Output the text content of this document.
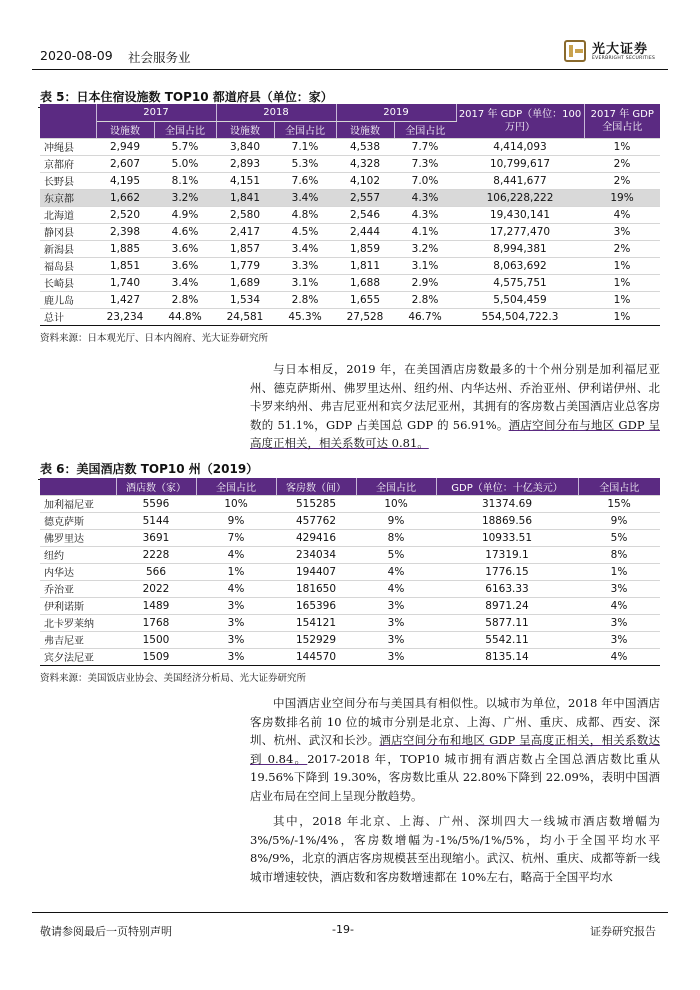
2020-08-09 社会服务业
光大证券
EVERBRIGHT SECURITIES
表 5：日本住宿设施数 TOP10 都道府县（单位：家）
	2017		2018		2019		2017 年 GDP（单位：100 万円）	2017 年 GDP 全国占比
	设施数	全国占比	设施数	全国占比	设施数	全国占比		
冲绳县	2,949	5.7%	3,840	7.1%	4,538	7.7%	4,414,093	1%
京都府	2,607	5.0%	2,893	5.3%	4,328	7.3%	10,799,617	2%
长野县	4,195	8.1%	4,151	7.6%	4,102	7.0%	8,441,677	2%
东京都	1,662	3.2%	1,841	3.4%	2,557	4.3%	106,228,222	19%
北海道	2,520	4.9%	2,580	4.8%	2,546	4.3%	19,430,141	4%
静冈县	2,398	4.6%	2,417	4.5%	2,444	4.1%	17,277,470	3%
新潟县	1,885	3.6%	1,857	3.4%	1,859	3.2%	8,994,381	2%
福岛县	1,851	3.6%	1,779	3.3%	1,811	3.1%	8,063,692	1%
长崎县	1,740	3.4%	1,689	3.1%	1,688	2.9%	4,575,751	1%
鹿儿岛	1,427	2.8%	1,534	2.8%	1,655	2.8%	5,504,459	1%
总计	23,234	44.8%	24,581	45.3%	27,528	46.7%	554,504,722.3	1%
资料来源：日本观光厅、日本内阁府、光大证券研究所

与日本相反，2019 年，在美国酒店房数最多的十个州分别是加利福尼亚州、德克萨斯州、佛罗里达州、纽约州、内华达州、乔治亚州、伊利诺伊州、北卡罗来纳州、弗吉尼亚州和宾夕法尼亚州，其拥有的客房数占美国酒店业总客房数的 51.1%，GDP 占美国总 GDP 的 56.91%。酒店空间分布与地区 GDP 呈高度正相关，相关系数可达 0.81。

表 6：美国酒店数 TOP10 州（2019）
	酒店数（家）	全国占比	客房数（间）	全国占比	GDP（单位：十亿美元）	全国占比
加利福尼亚	5596	10%	515285	10%	31374.69	15%
德克萨斯	5144	9%	457762	9%	18869.56	9%
佛罗里达	3691	7%	429416	8%	10933.51	5%
纽约	2228	4%	234034	5%	17319.1	8%
内华达	566	1%	194407	4%	1776.15	1%
乔治亚	2022	4%	181650	4%	6163.33	3%
伊利诺斯	1489	3%	165396	3%	8971.24	4%
北卡罗莱纳	1768	3%	154121	3%	5877.11	3%
弗吉尼亚	1500	3%	152929	3%	5542.11	3%
宾夕法尼亚	1509	3%	144570	3%	8135.14	4%
资料来源：美国饭店业协会、美国经济分析局、光大证券研究所

中国酒店业空间分布与美国具有相似性。以城市为单位，2018 年中国酒店客房数排名前 10 位的城市分别是北京、上海、广州、重庆、成都、西安、深圳、杭州、武汉和长沙。酒店空间分布和地区 GDP 呈高度正相关，相关系数达到 0.84。2017-2018 年，TOP10 城市拥有酒店数占全国总酒店数比重从 19.56%下降到 19.30%，客房数比重从 22.80%下降到 22.09%，表明中国酒店业布局在空间上呈现分散趋势。

其中，2018 年北京、上海、广州、深圳四大一线城市酒店数增幅为 3%/5%/-1%/4%，客房数增幅为-1%/5%/1%/5%，均小于全国平均水平 8%/9%，北京的酒店客房规模甚至出现缩小。武汉、杭州、重庆、成都等新一线城市增速较快，酒店数和客房数增速都在 10%左右，略高于全国平均水

敬请参阅最后一页特别声明	-19-	证券研究报告
